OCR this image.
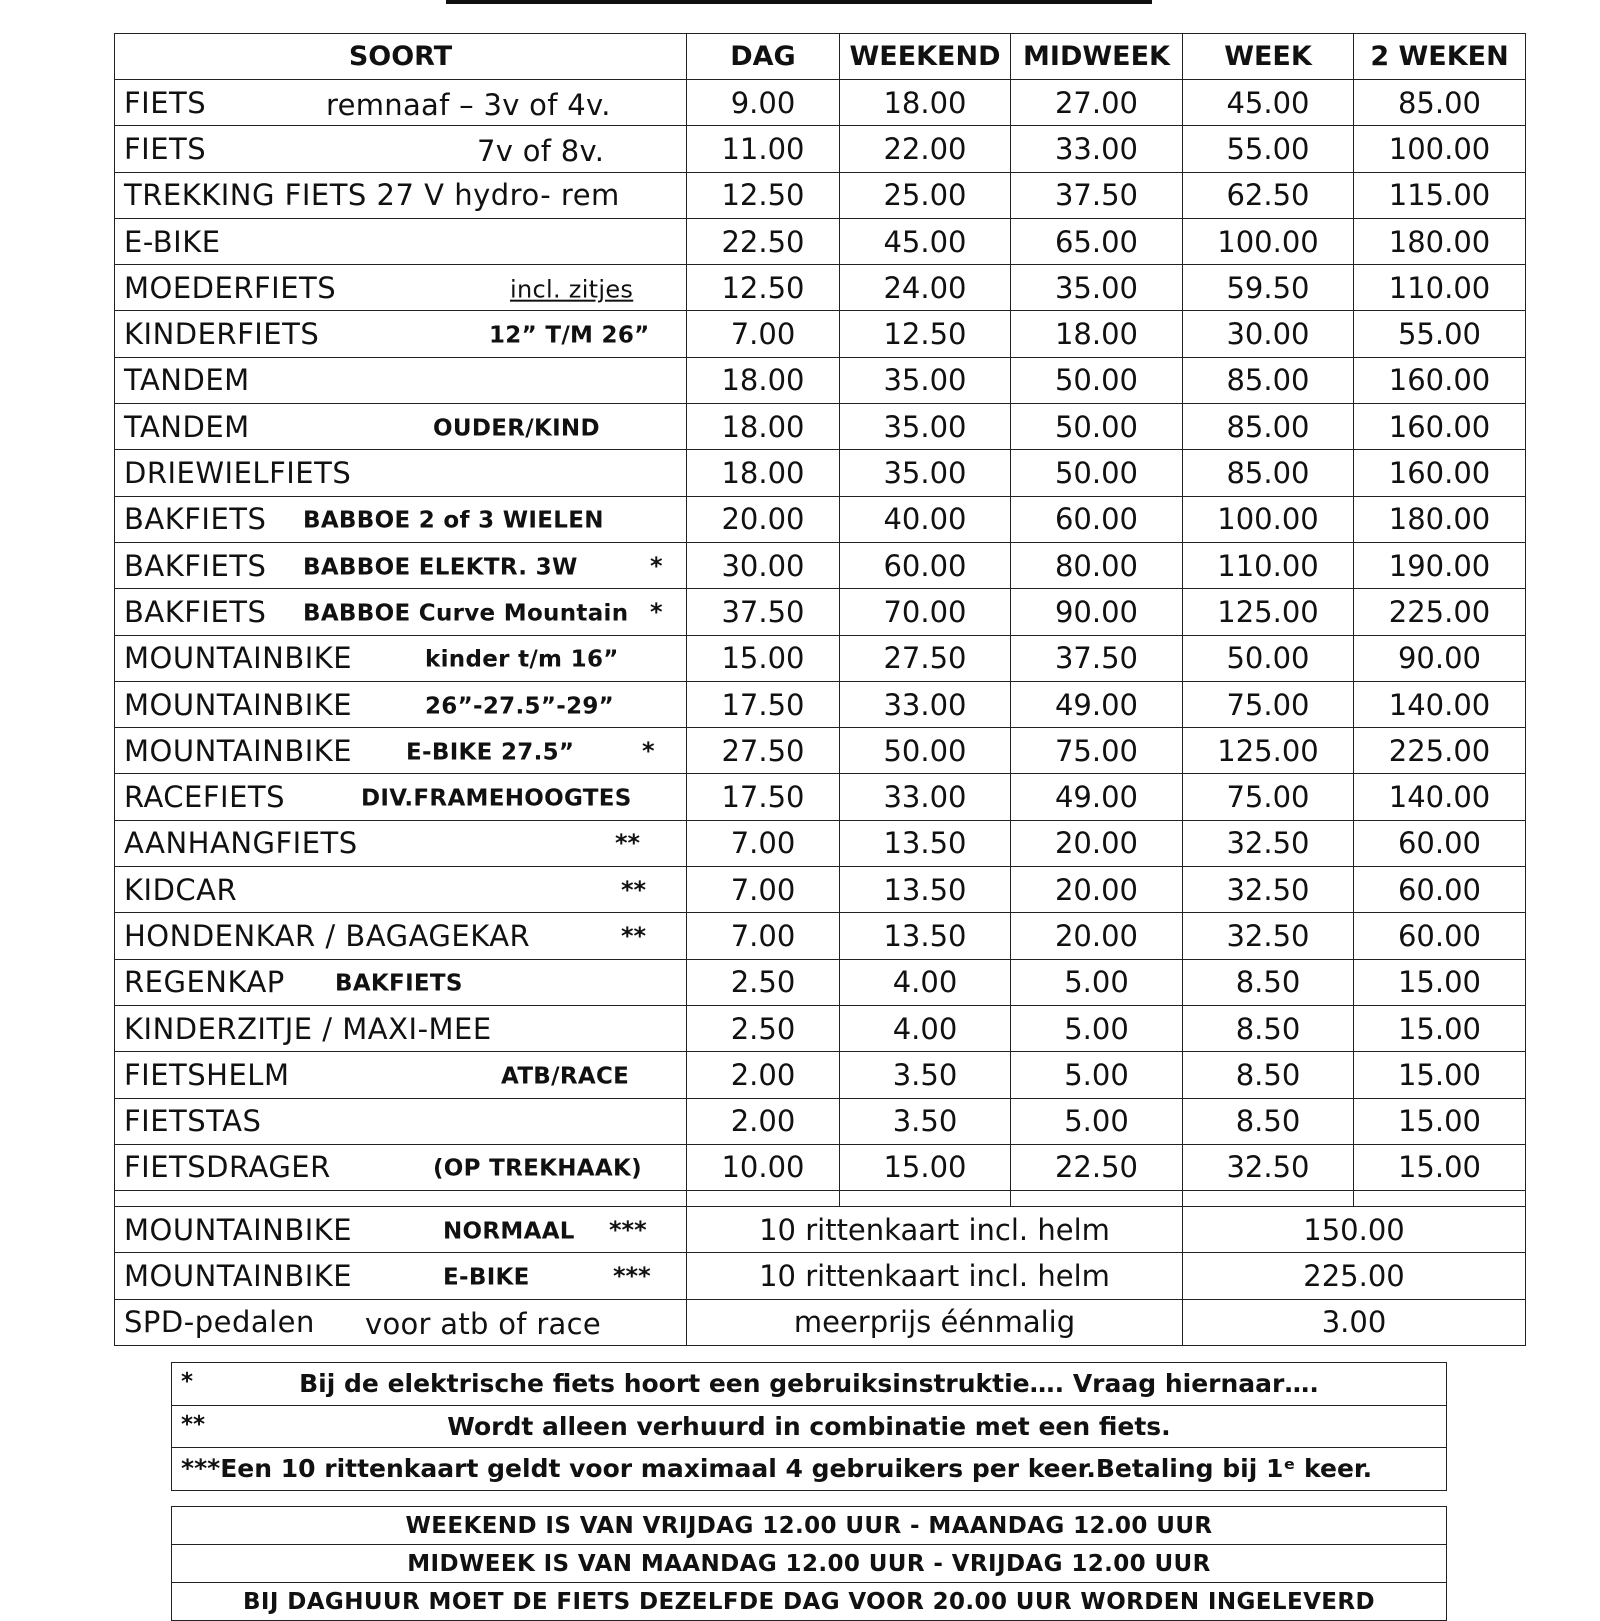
SOORT	DAG	WEEKEND	MIDWEEK	WEEK	2 WEKEN
FIETS remnaaf – 3v of 4v.	9.00	18.00	27.00	45.00	85.00
FIETS 7v of 8v.	11.00	22.00	33.00	55.00	100.00
TREKKING FIETS 27 V hydro- rem	12.50	25.00	37.50	62.50	115.00
E-BIKE	22.50	45.00	65.00	100.00	180.00
MOEDERFIETS incl. zitjes	12.50	24.00	35.00	59.50	110.00
KINDERFIETS 12” T/M 26”	7.00	12.50	18.00	30.00	55.00
TANDEM	18.00	35.00	50.00	85.00	160.00
TANDEM OUDER/KIND	18.00	35.00	50.00	85.00	160.00
DRIEWIELFIETS	18.00	35.00	50.00	85.00	160.00
BAKFIETS BABBOE 2 of 3 WIELEN	20.00	40.00	60.00	100.00	180.00
BAKFIETS BABBOE ELEKTR. 3W *	30.00	60.00	80.00	110.00	190.00
BAKFIETS BABBOE Curve Mountain *	37.50	70.00	90.00	125.00	225.00
MOUNTAINBIKE kinder t/m 16”	15.00	27.50	37.50	50.00	90.00
MOUNTAINBIKE 26”-27.5”-29”	17.50	33.00	49.00	75.00	140.00
MOUNTAINBIKE E-BIKE 27.5” *	27.50	50.00	75.00	125.00	225.00
RACEFIETS DIV.FRAMEHOOGTES	17.50	33.00	49.00	75.00	140.00
AANHANGFIETS **	7.00	13.50	20.00	32.50	60.00
KIDCAR **	7.00	13.50	20.00	32.50	60.00
HONDENKAR / BAGAGEKAR **	7.00	13.50	20.00	32.50	60.00
REGENKAP BAKFIETS	2.50	4.00	5.00	8.50	15.00
KINDERZITJE / MAXI-MEE	2.50	4.00	5.00	8.50	15.00
FIETSHELM ATB/RACE	2.00	3.50	5.00	8.50	15.00
FIETSTAS	2.00	3.50	5.00	8.50	15.00
FIETSDRAGER (OP TREKHAAK)	10.00	15.00	22.50	32.50	15.00

MOUNTAINBIKE NORMAAL ***	10 rittenkaart incl. helm			150.00	
MOUNTAINBIKE E-BIKE ***	10 rittenkaart incl. helm			225.00	
SPD-pedalen voor atb of race	meerprijs éénmalig			3.00	
*	Bij de elektrische fiets hoort een gebruiksinstruktie…. Vraag hiernaar….

**	Wordt alleen verhuurd in combinatie met een fiets.

***Een 10 rittenkaart geldt voor maximaal 4 gebruikers per keer.Betaling bij 1ᵉ keer.
WEEKEND IS VAN VRIJDAG 12.00 UUR - MAANDAG 12.00 UUR
MIDWEEK IS VAN MAANDAG 12.00 UUR - VRIJDAG 12.00 UUR

BIJ DAGHUUR MOET DE FIETS DEZELFDE DAG VOOR 20.00 UUR WORDEN INGELEVERD
